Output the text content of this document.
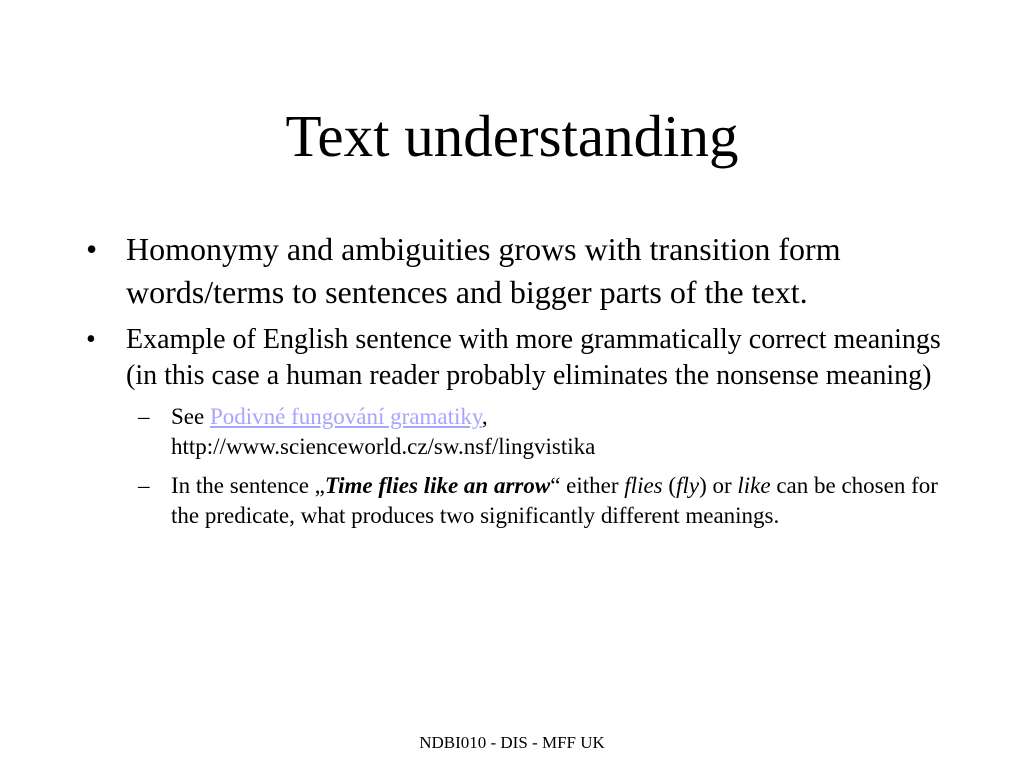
Text understanding
• Homonymy and ambiguities grows with transition form words/terms to sentences and bigger parts of the text.
• Example of English sentence with more grammatically correct meanings (in this case a human reader probably eliminates the nonsense meaning)
– See Podivné fungování gramatiky,
http://www.scienceworld.cz/sw.nsf/lingvistika
– In the sentence „Time flies like an arrow“ either flies (fly) or like can be chosen for the predicate, what produces two significantly different meanings.
NDBI010 - DIS - MFF UK
